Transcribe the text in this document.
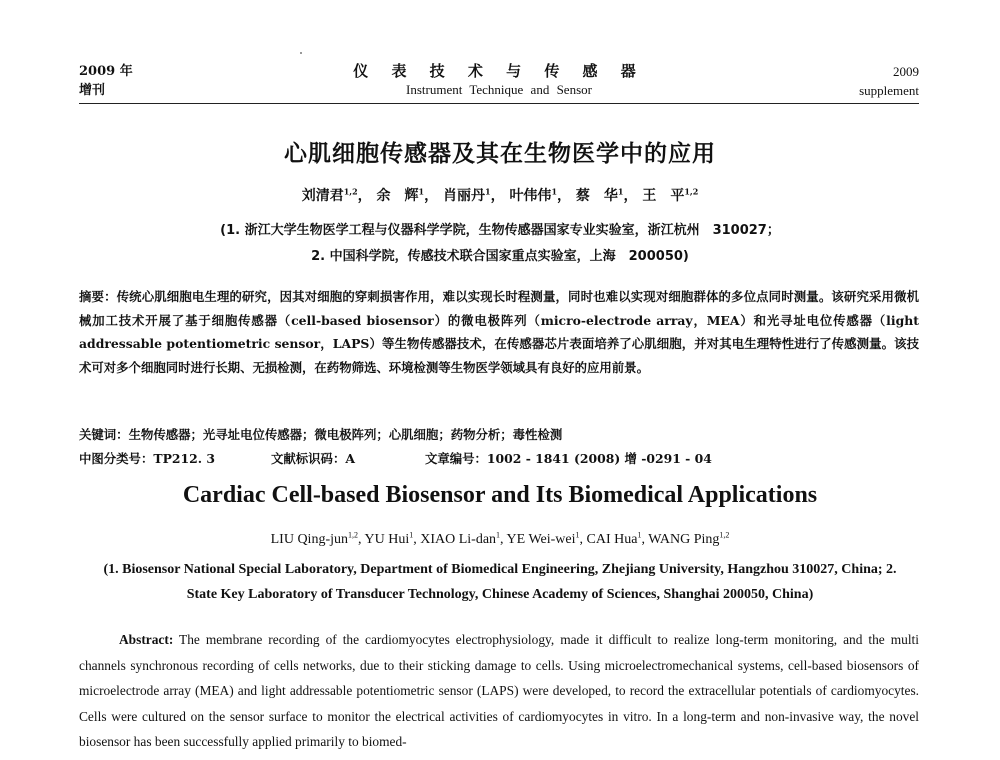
2009 年
增刊
仪 表 技 术 与 传 感 器
Instrument Technique and Sensor
2009
supplement
心肌细胞传感器及其在生物医学中的应用
刘清君$^{1,2}$， 余　辉$^1$， 肖丽丹$^1$， 叶伟伟$^1$， 蔡　华$^1$， 王　平$^{1,2}$
(1. 浙江大学生物医学工程与仪器科学学院，生物传感器国家专业实验室，浙江杭州　310027；
2. 中国科学院，传感技术联合国家重点实验室，上海　200050)
摘要：传统心肌细胞电生理的研究，因其对细胞的穿刺损害作用，难以实现长时程测量，同时也难以实现对细胞群体的多位点同时测量。该研究采用微机械加工技术开展了基于细胞传感器（cell-based biosensor）的微电极阵列（micro-electrode array，MEA）和光寻址电位传感器（light addressable potentiometric sensor，LAPS）等生物传感器技术，在传感器芯片表面培养了心肌细胞，并对其电生理特性进行了传感测量。该技术可对多个细胞同时进行长期、无损检测，在药物筛选、环境检测等生物医学领域具有良好的应用前景。
关键词：生物传感器；光寻址电位传感器；微电极阵列；心肌细胞；药物分析；毒性检测
中图分类号：TP212. 3	文献标识码：A	文章编号：1002 - 1841 (2008) 增 -0291 - 04
Cardiac Cell-based Biosensor and Its Biomedical Applications
LIU Qing-jun$^{1,2}$, YU Hui$^1$, XIAO Li-dan$^1$, YE Wei-wei$^1$, CAI Hua$^1$, WANG Ping$^{1,2}$
(1. Biosensor National Special Laboratory, Department of Biomedical Engineering, Zhejiang University, Hangzhou 310027, China; 2. State Key Laboratory of Transducer Technology, Chinese Academy of Sciences, Shanghai 200050, China)
Abstract: The membrane recording of the cardiomyocytes electrophysiology, made it difficult to realize long-term monitoring, and the multi channels synchronous recording of cells networks, due to their sticking damage to cells. Using microelectromechanical systems, cell-based biosensors of microelectrode array (MEA) and light addressable potentiometric sensor (LAPS) were developed, to record the extracellular potentials of cardiomyocytes. Cells were cultured on the sensor surface to monitor the electrical activities of cardiomyocytes in vitro. In a long-term and non-invasive way, the novel biosensor has been successfully applied primarily to biomed-
